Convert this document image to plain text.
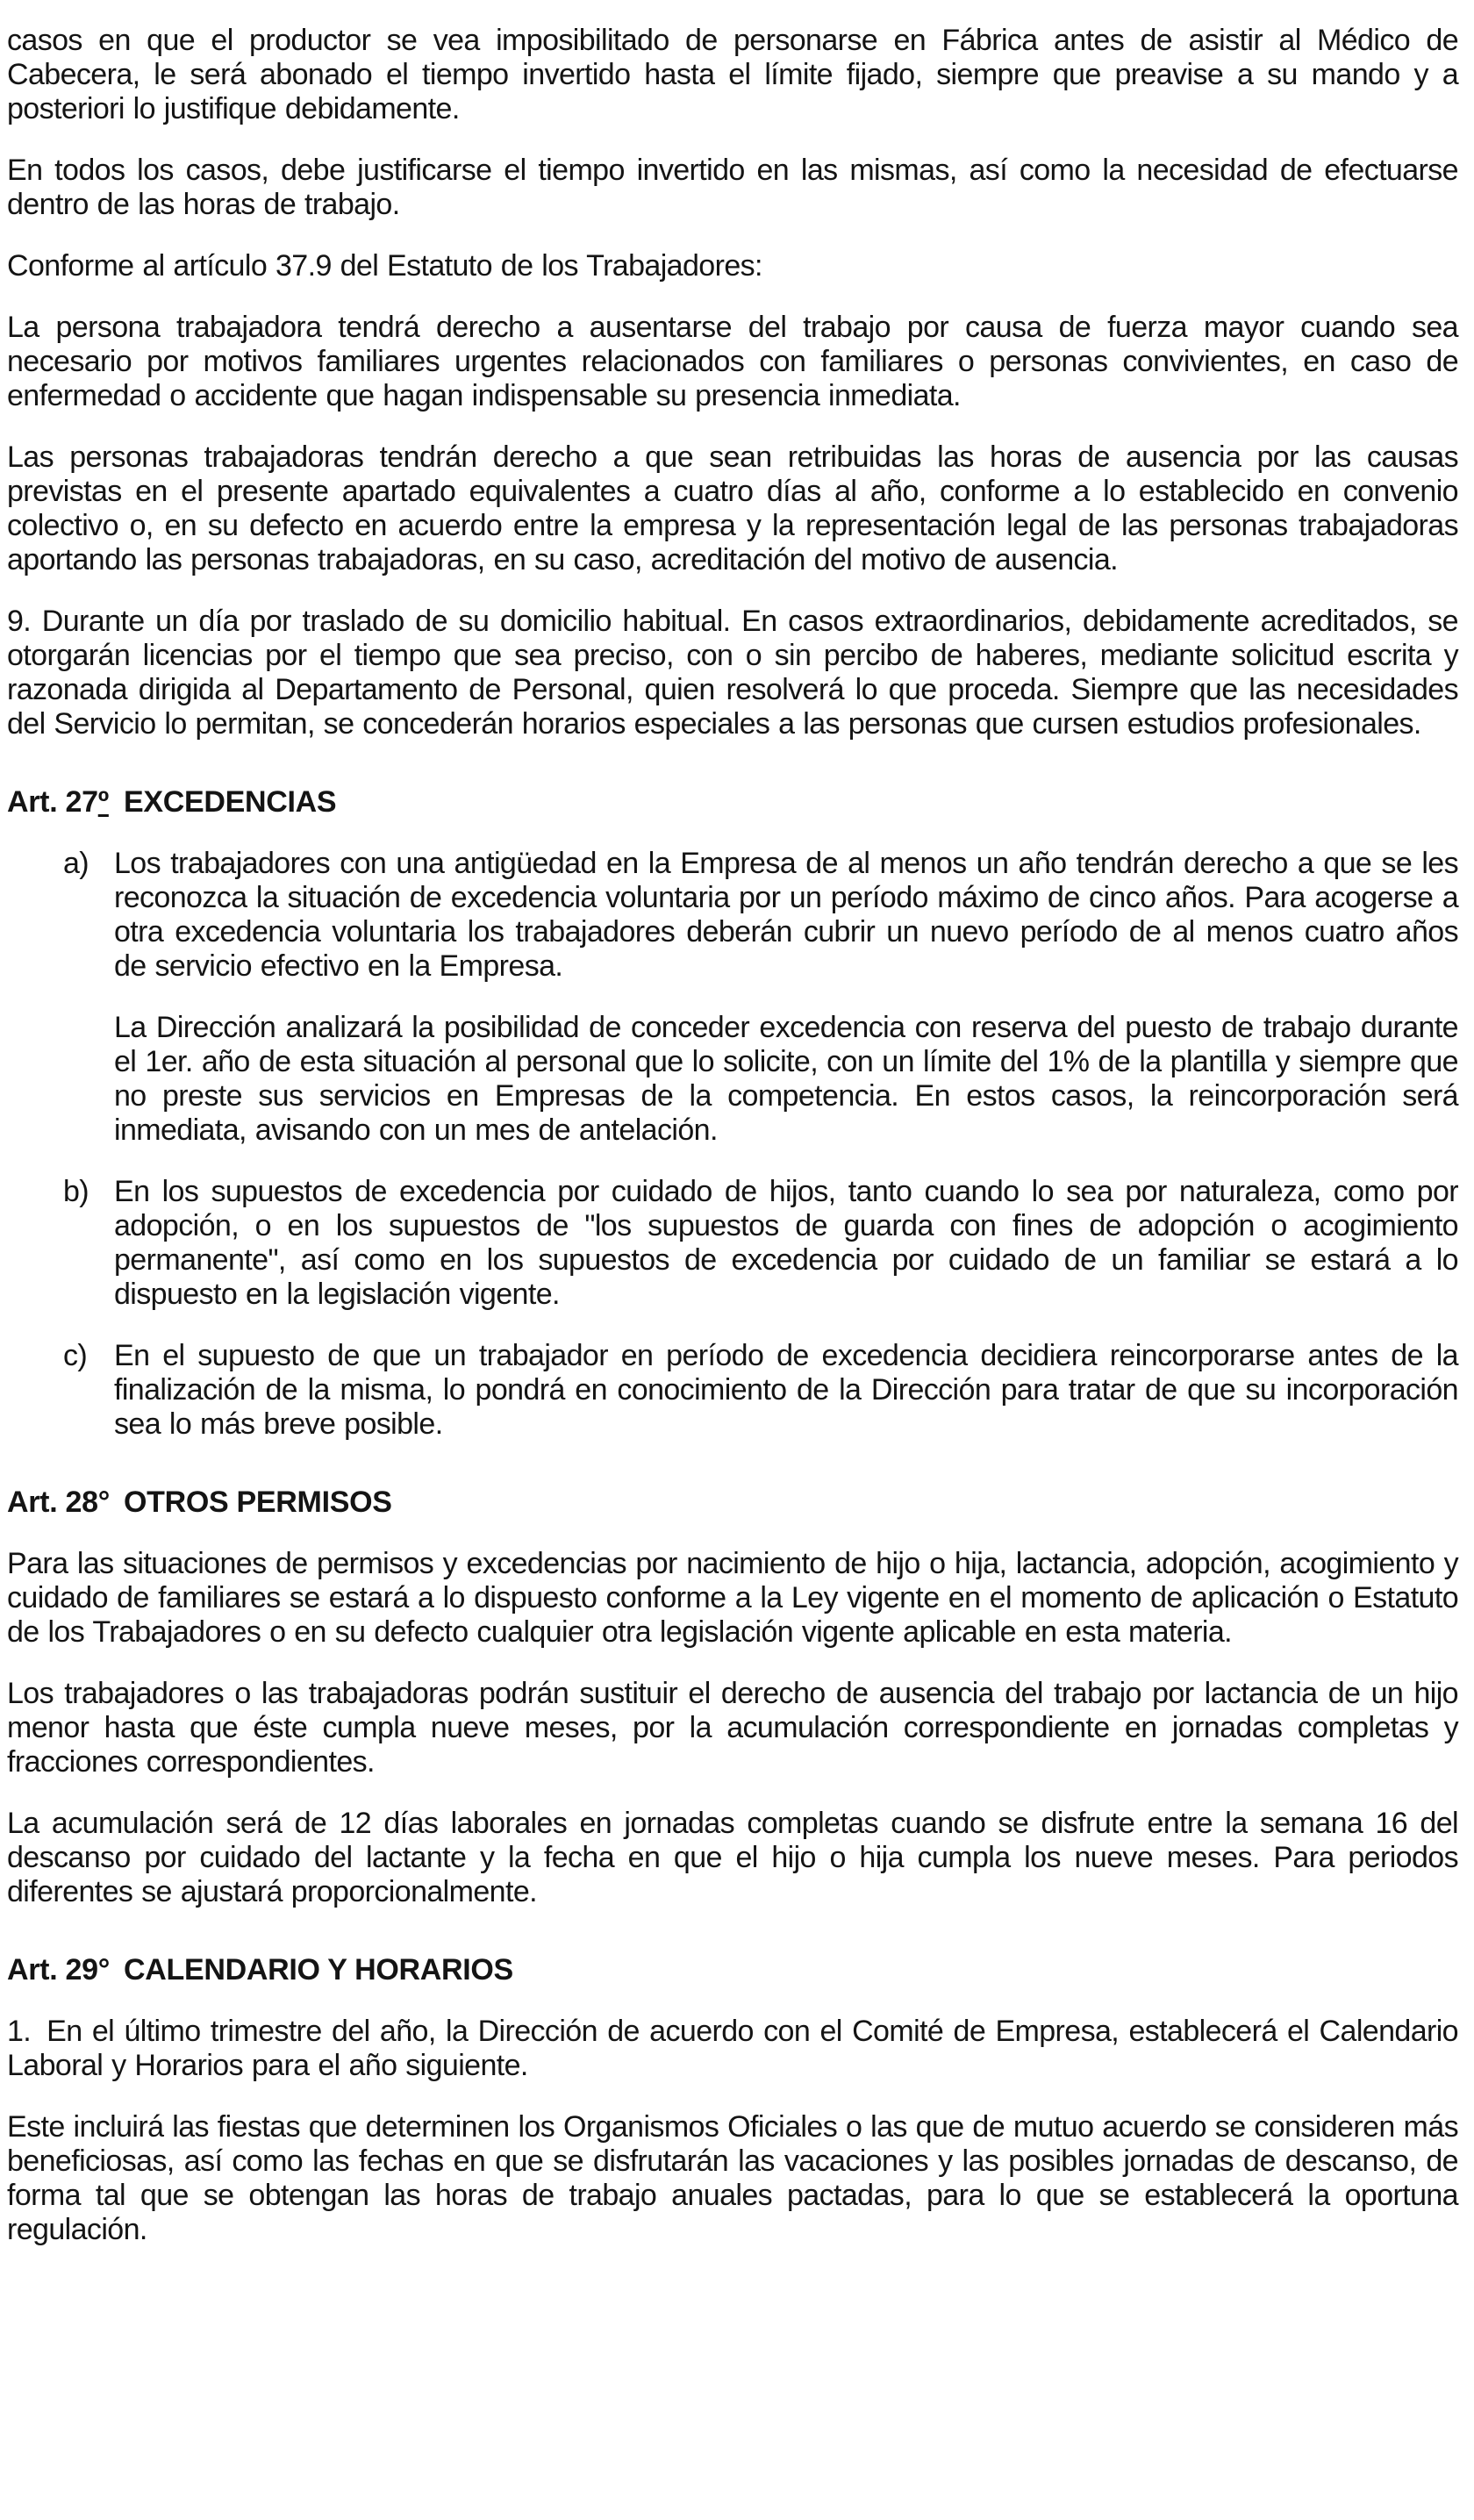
casos en que el productor se vea imposibilitado de personarse en Fábrica antes de asistir al Médico de Cabecera, le será abonado el tiempo invertido hasta el límite fijado, siempre que preavise a su mando y a posteriori lo justifique debidamente.

En todos los casos, debe justificarse el tiempo invertido en las mismas, así como la necesidad de efectuarse dentro de las horas de trabajo.

Conforme al artículo 37.9 del Estatuto de los Trabajadores:

La persona trabajadora tendrá derecho a ausentarse del trabajo por causa de fuerza mayor cuando sea necesario por motivos familiares urgentes relacionados con familiares o personas convivientes, en caso de enfermedad o accidente que hagan indispensable su presencia inmediata.

Las personas trabajadoras tendrán derecho a que sean retribuidas las horas de ausencia por las causas previstas en el presente apartado equivalentes a cuatro días al año, conforme a lo establecido en convenio colectivo o, en su defecto en acuerdo entre la empresa y la representación legal de las personas trabajadoras aportando las personas trabajadoras, en su caso, acreditación del motivo de ausencia.

9. Durante un día por traslado de su domicilio habitual. En casos extraordinarios, debidamente acreditados, se otorgarán licencias por el tiempo que sea preciso, con o sin percibo de haberes, mediante solicitud escrita y razonada dirigida al Departamento de Personal, quien resolverá lo que proceda. Siempre que las necesidades del Servicio lo permitan, se concederán horarios especiales a las personas que cursen estudios profesionales.

Art. 27º EXCEDENCIAS
a) Los trabajadores con una antigüedad en la Empresa de al menos un año tendrán derecho a que se les reconozca la situación de excedencia voluntaria por un período máximo de cinco años. Para acogerse a otra excedencia voluntaria los trabajadores deberán cubrir un nuevo período de al menos cuatro años de servicio efectivo en la Empresa.

La Dirección analizará la posibilidad de conceder excedencia con reserva del puesto de trabajo durante el 1er. año de esta situación al personal que lo solicite, con un límite del 1% de la plantilla y siempre que no preste sus servicios en Empresas de la competencia. En estos casos, la reincorporación será inmediata, avisando con un mes de antelación.

b) En los supuestos de excedencia por cuidado de hijos, tanto cuando lo sea por naturaleza, como por adopción, o en los supuestos de "los supuestos de guarda con fines de adopción o acogimiento permanente", así como en los supuestos de excedencia por cuidado de un familiar se estará a lo dispuesto en la legislación vigente.

c) En el supuesto de que un trabajador en período de excedencia decidiera reincorporarse antes de la finalización de la misma, lo pondrá en conocimiento de la Dirección para tratar de que su incorporación sea lo más breve posible.

Art. 28° OTROS PERMISOS

Para las situaciones de permisos y excedencias por nacimiento de hijo o hija, lactancia, adopción, acogimiento y cuidado de familiares se estará a lo dispuesto conforme a la Ley vigente en el momento de aplicación o Estatuto de los Trabajadores o en su defecto cualquier otra legislación vigente aplicable en esta materia.

Los trabajadores o las trabajadoras podrán sustituir el derecho de ausencia del trabajo por lactancia de un hijo menor hasta que éste cumpla nueve meses, por la acumulación correspondiente en jornadas completas y fracciones correspondientes.

La acumulación será de 12 días laborales en jornadas completas cuando se disfrute entre la semana 16 del descanso por cuidado del lactante y la fecha en que el hijo o hija cumpla los nueve meses. Para periodos diferentes se ajustará proporcionalmente.

Art. 29° CALENDARIO Y HORARIOS

1. En el último trimestre del año, la Dirección de acuerdo con el Comité de Empresa, establecerá el Calendario Laboral y Horarios para el año siguiente.

Este incluirá las fiestas que determinen los Organismos Oficiales o las que de mutuo acuerdo se consideren más beneficiosas, así como las fechas en que se disfrutarán las vacaciones y las posibles jornadas de descanso, de forma tal que se obtengan las horas de trabajo anuales pactadas, para lo que se establecerá la oportuna regulación.
